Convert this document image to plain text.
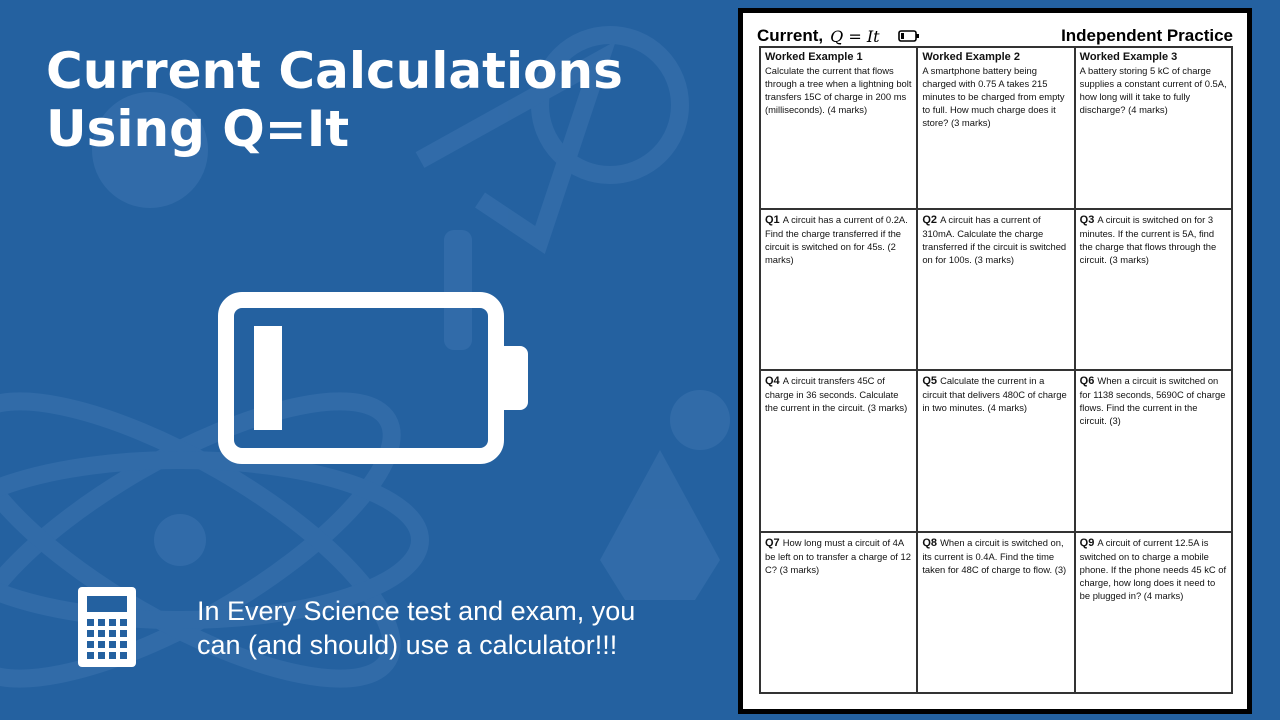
Current Calculations
Using Q=It
In Every Science test and exam, you
can (and should) use a calculator!!!
Current, Q = It	Independent Practice
Worked Example 1
Calculate the current that flows through a tree when a lightning bolt transfers 15C of charge in 200 ms (milliseconds). (4 marks)
Worked Example 2
A smartphone battery being charged with 0.75 A takes 215 minutes to be charged from empty to full. How much charge does it store? (3 marks)
Worked Example 3
A battery storing 5 kC of charge supplies a constant current of 0.5A, how long will it take to fully discharge? (4 marks)
Q1 A circuit has a current of 0.2A. Find the charge transferred if the circuit is switched on for 45s. (2 marks)
Q2 A circuit has a current of 310mA. Calculate the charge transferred if the circuit is switched on for 100s. (3 marks)
Q3 A circuit is switched on for 3 minutes. If the current is 5A, find the charge that flows through the circuit. (3 marks)
Q4 A circuit transfers 45C of charge in 36 seconds. Calculate the current in the circuit. (3 marks)
Q5 Calculate the current in a circuit that delivers 480C of charge in two minutes. (4 marks)
Q6 When a circuit is switched on for 1138 seconds, 5690C of charge flows. Find the current in the circuit. (3)
Q7 How long must a circuit of 4A be left on to transfer a charge of 12 C? (3 marks)
Q8 When a circuit is switched on, its current is 0.4A. Find the time taken for 48C of charge to flow. (3)
Q9 A circuit of current 12.5A is switched on to charge a mobile phone. If the phone needs 45 kC of charge, how long does it need to be plugged in? (4 marks)
